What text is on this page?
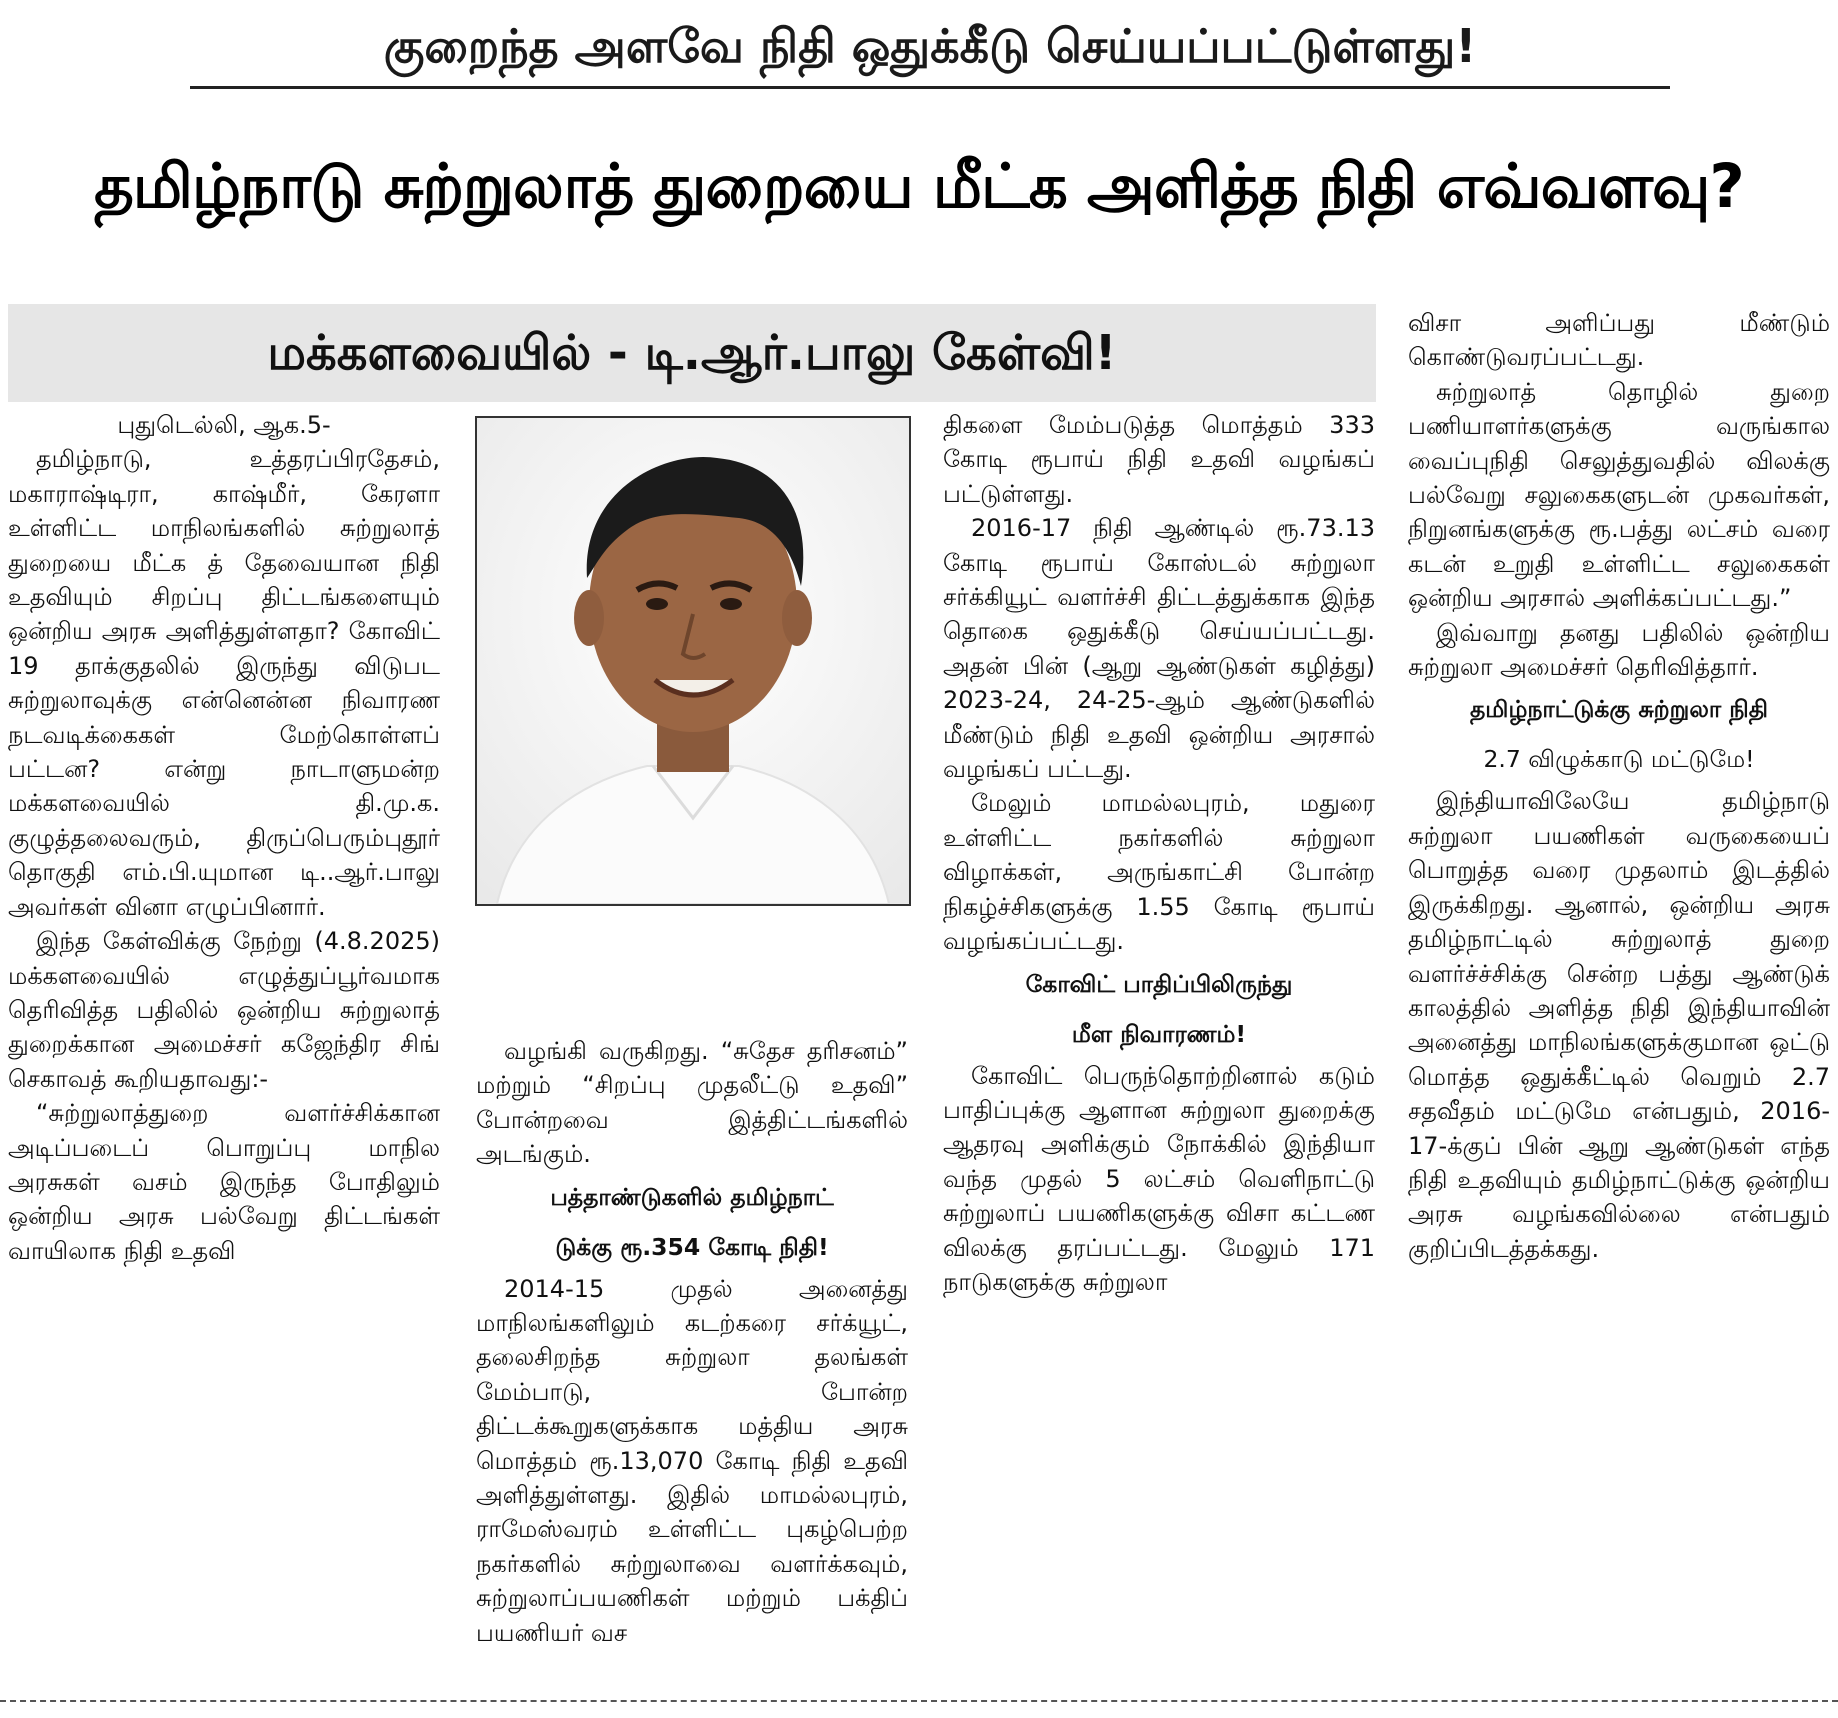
குறைந்த அளவே நிதி ஒதுக்கீடு செய்யப்பட்டுள்ளது!
தமிழ்நாடு சுற்றுலாத் துறையை மீட்க அளித்த நிதி எவ்வளவு?
மக்களவையில் - டி.ஆர்.பாலு கேள்வி!

புதுடெல்லி, ஆக.5-

தமிழ்நாடு, உத்தரப்பிரதேசம், மகாராஷ்டிரா, காஷ்மீர், கேரளா உள்ளிட்ட மாநிலங்களில் சுற்றுலாத் துறையை மீட்க த் தேவையான நிதி உதவியும் சிறப்பு திட்டங்களையும் ஒன்றிய அரசு அளித்துள்ளதா? கோவிட் 19 தாக்குதலில் இருந்து விடுபட சுற்றுலாவுக்கு என்னென்ன நிவாரண நடவடிக்கைகள் மேற்கொள்ளப் பட்டன? என்று நாடாளுமன்ற மக்களவையில் தி.மு.க. குழுத்தலைவரும், திருப்பெரும்புதூர் தொகுதி எம்.பி.யுமான டி..ஆர்.பாலு அவர்கள் வினா எழுப்பினார்.

இந்த கேள்விக்கு நேற்று (4.8.2025) மக்களவையில் எழுத்துப்பூர்வமாக தெரிவித்த பதிலில் ஒன்றிய சுற்றுலாத் துறைக்கான அமைச்சர் கஜேந்திர சிங் செகாவத் கூறியதாவது:-

“சுற்றுலாத்துறை வளர்ச்சிக்கான அடிப்படைப் பொறுப்பு மாநில அரசுகள் வசம் இருந்த போதிலும் ஒன்றிய அரசு பல்வேறு திட்டங்கள் வாயிலாக நிதி உதவி

வழங்கி வருகிறது. “சுதேச தரிசனம்” மற்றும் “சிறப்பு முதலீட்டு உதவி” போன்றவை இத்திட்டங்களில் அடங்கும்.

பத்தாண்டுகளில் தமிழ்நாட்
டுக்கு ரூ.354 கோடி நிதி!

2014-15 முதல் அனைத்து மாநிலங்களிலும் கடற்கரை சர்க்யூட், தலைசிறந்த சுற்றுலா தலங்கள் மேம்பாடு, போன்ற திட்டக்கூறுகளுக்காக மத்திய அரசு மொத்தம் ரூ.13,070 கோடி நிதி உதவி அளித்துள்ளது. இதில் மாமல்லபுரம், ராமேஸ்வரம் உள்ளிட்ட புகழ்பெற்ற நகர்களில் சுற்றுலாவை வளர்க்கவும், சுற்றுலாப்பயணிகள் மற்றும் பக்திப் பயணியர் வச

திகளை மேம்படுத்த மொத்தம் 333 கோடி ரூபாய் நிதி உதவி வழங்கப் பட்டுள்ளது.

2016-17 நிதி ஆண்டில் ரூ.73.13 கோடி ரூபாய் கோஸ்டல் சுற்றுலா சர்க்கியூட் வளர்ச்சி திட்டத்துக்காக இந்த தொகை ஒதுக்கீடு செய்யப்பட்டது. அதன் பின் (ஆறு ஆண்டுகள் கழித்து) 2023-24, 24-25-ஆம் ஆண்டுகளில் மீண்டும் நிதி உதவி ஒன்றிய அரசால் வழங்கப் பட்டது.

மேலும் மாமல்லபுரம், மதுரை உள்ளிட்ட நகர்களில் சுற்றுலா விழாக்கள், அருங்காட்சி போன்ற நிகழ்ச்சிகளுக்கு 1.55 கோடி ரூபாய் வழங்கப்பட்டது.

கோவிட் பாதிப்பிலிருந்து
மீள நிவாரணம்!

கோவிட் பெருந்தொற்றினால் கடும் பாதிப்புக்கு ஆளான சுற்றுலா துறைக்கு ஆதரவு அளிக்கும் நோக்கில் இந்தியா வந்த முதல் 5 லட்சம் வெளிநாட்டு சுற்றுலாப் பயணிகளுக்கு விசா கட்டண விலக்கு தரப்பட்டது. மேலும் 171 நாடுகளுக்கு சுற்றுலா

விசா அளிப்பது மீண்டும் கொண்டுவரப்பட்டது.

சுற்றுலாத் தொழில் துறை பணியாளர்களுக்கு வருங்கால வைப்புநிதி செலுத்துவதில் விலக்கு பல்வேறு சலுகைகளுடன் முகவர்கள், நிறுனங்களுக்கு ரூ.பத்து லட்சம் வரை கடன் உறுதி உள்ளிட்ட சலுகைகள் ஒன்றிய அரசால் அளிக்கப்பட்டது.”

இவ்வாறு தனது பதிலில் ஒன்றிய சுற்றுலா அமைச்சர் தெரிவித்தார்.

தமிழ்நாட்டுக்கு சுற்றுலா நிதி
2.7 விழுக்காடு மட்டுமே!

இந்தியாவிலேயே தமிழ்நாடு சுற்றுலா பயணிகள் வருகையைப் பொறுத்த வரை முதலாம் இடத்தில் இருக்கிறது. ஆனால், ஒன்றிய அரசு தமிழ்நாட்டில் சுற்றுலாத் துறை வளர்ச்ச்சிக்கு சென்ற பத்து ஆண்டுக் காலத்தில் அளித்த நிதி இந்தியாவின் அனைத்து மாநிலங்களுக்குமான ஒட்டு மொத்த ஒதுக்கீட்டில் வெறும் 2.7 சதவீதம் மட்டுமே என்பதும், 2016-17-க்குப் பின் ஆறு ஆண்டுகள் எந்த நிதி உதவியும் தமிழ்நாட்டுக்கு ஒன்றிய அரசு வழங்கவில்லை என்பதும் குறிப்பிடத்தக்கது.
